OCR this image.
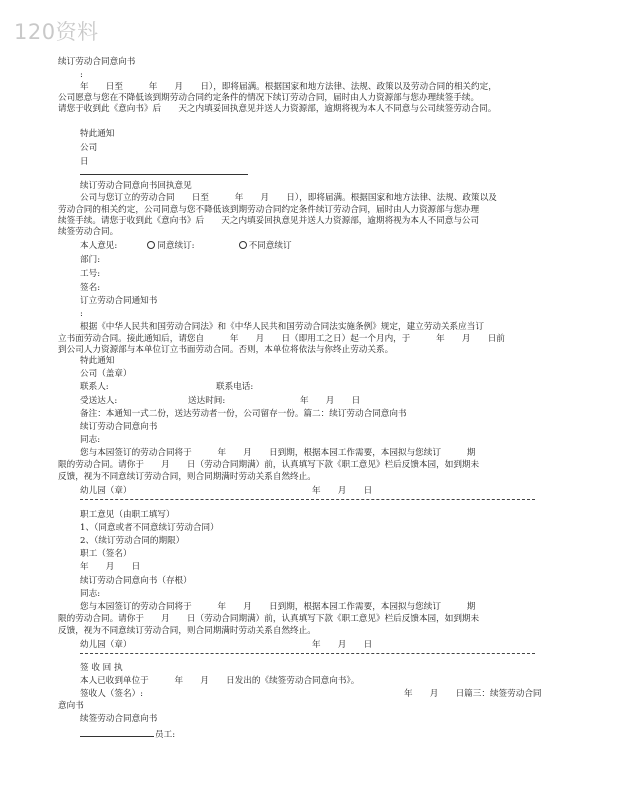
120资料
续订劳动合同意向书
:
年　　日至　　　年　　月　　日），即将届满。根据国家和地方法律、法规、政策以及劳动合同的相关约定，
公司愿意与您在不降低该到期劳动合同约定条件的情况下续订劳动合同，届时由人力资源部与您办理续签手续。
请您于收到此《意向书》后　　天之内填妥回执意见并送人力资源部，逾期将视为本人不同意与公司续签劳动合同。
特此通知
公司
日
续订劳动合同意向书回执意见
公司与您订立的劳动合同　　日至　　　年　　月　　日），即将届满。根据国家和地方法律、法规、政策以及
劳动合同的相关约定，公司同意与您不降低该到期劳动合同约定条件续订劳动合同，届时由人力资源部与您办理
续签手续。请您于收到此《意向书》后　　天之内填妥回执意见并送人力资源部，逾期将视为本人不同意与公司
续签劳动合同。
本人意见:	同意续订:	不同意续订
部门:
工号:
签名:
订立劳动合同通知书
:
根据《中华人民共和国劳动合同法》和《中华人民共和国劳动合同法实施条例》规定，建立劳动关系应当订
立书面劳动合同。接此通知后，请您自　　　年　　月　　日（即用工之日）起一个月内，于　　　年　　月　　日前
到公司人力资源部与本单位订立书面劳动合同。否则，本单位将依法与你终止劳动关系。
特此通知
公司（盖章）
联系人:	联系电话:
受送达人:	送达时间:	年　　月　　日
备注：本通知一式二份，送达劳动者一份，公司留存一份。篇二：续订劳动合同意向书
续订劳动合同意向书
同志:
您与本园签订的劳动合同将于　　　年　　月　　日到期，根据本园工作需要，本园拟与您续订　　　期
限的劳动合同。请你于　　月　　日（劳动合同期满）前，认真填写下款《职工意见》栏后反馈本园，如到期未
反馈，视为不同意续订劳动合同，则合同期满时劳动关系自然终止。
幼儿园（章）	年　　月　　日
职工意见（由职工填写）
1、（同意或者不同意续订劳动合同）
2、（续订劳动合同的期限）
职工（签名）
年　　月　　日
续订劳动合同意向书（存根）
同志:
您与本园签订的劳动合同将于　　　年　　月　　日到期，根据本园工作需要，本园拟与您续订　　　期
限的劳动合同。请你于　　月　　日（劳动合同期满）前，认真填写下款《职工意见》栏后反馈本园，如到期未
反馈，视为不同意续订劳动合同，则合同期满时劳动关系自然终止。
幼儿园（章）	年　　月　　日
签 收 回 执
本人已收到单位于　　　年　　月　　日发出的《续签劳动合同意向书》。
签收人（签名）:	年　　月　　日篇三：续签劳动合同
意向书
续签劳动合同意向书
员工:
